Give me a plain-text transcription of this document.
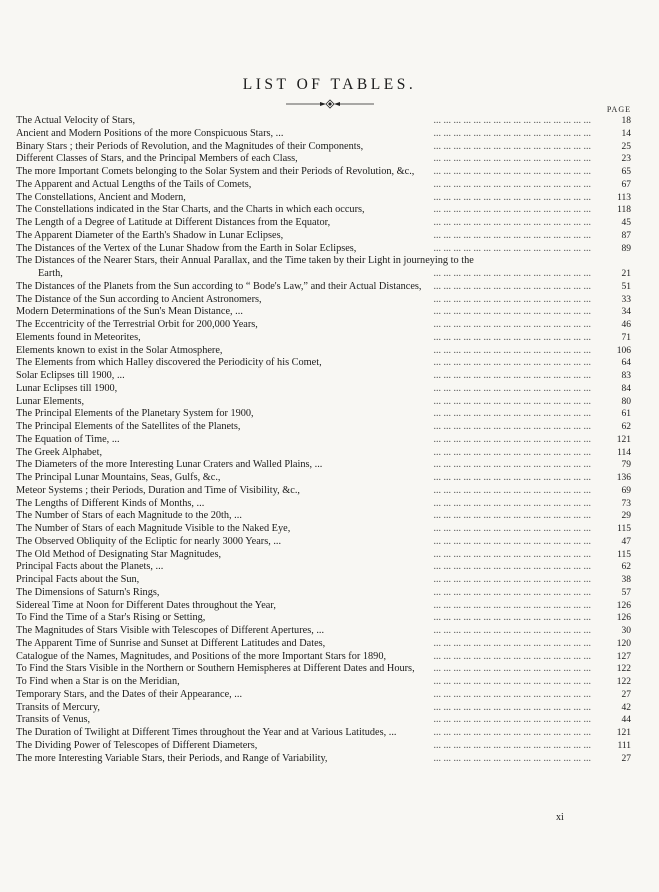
LIST OF TABLES.
PAGE
The Actual Velocity of Stars,	... ... ... ... ... ... ... ... ... ... ... ... ... ... ... ...	18
Ancient and Modern Positions of the more Conspicuous Stars, ...	... ... ... ... ... ... ... ... ... ... ... ... ... ... ... ...	14
Binary Stars ; their Periods of Revolution, and the Magnitudes of their Components,	... ... ... ... ... ... ... ... ... ... ... ... ... ... ... ...	25
Different Classes of Stars, and the Principal Members of each Class,	... ... ... ... ... ... ... ... ... ... ... ... ... ... ... ...	23
The more Important Comets belonging to the Solar System and their Periods of Revolution, &c.,	... ... ... ... ... ... ... ... ... ... ... ... ... ... ... ...	65
The Apparent and Actual Lengths of the Tails of Comets,	... ... ... ... ... ... ... ... ... ... ... ... ... ... ... ...	67
The Constellations, Ancient and Modern,	... ... ... ... ... ... ... ... ... ... ... ... ... ... ... ...	113
The Constellations indicated in the Star Charts, and the Charts in which each occurs,	... ... ... ... ... ... ... ... ... ... ... ... ... ... ... ...	118
The Length of a Degree of Latitude at Different Distances from the Equator,	... ... ... ... ... ... ... ... ... ... ... ... ... ... ... ...	45
The Apparent Diameter of the Earth's Shadow in Lunar Eclipses,	... ... ... ... ... ... ... ... ... ... ... ... ... ... ... ...	87
The Distances of the Vertex of the Lunar Shadow from the Earth in Solar Eclipses,	... ... ... ... ... ... ... ... ... ... ... ... ... ... ... ...	89
The Distances of the Nearer Stars, their Annual Parallax, and the Time taken by their Light in journeying to the
Earth,	... ... ... ... ... ... ... ... ... ... ... ... ... ... ... ...	21
The Distances of the Planets from the Sun according to “ Bode's Law,” and their Actual Distances,	... ... ... ... ... ... ... ... ... ... ... ... ... ... ... ...	51
The Distance of the Sun according to Ancient Astronomers,	... ... ... ... ... ... ... ... ... ... ... ... ... ... ... ...	33
Modern Determinations of the Sun's Mean Distance, ...	... ... ... ... ... ... ... ... ... ... ... ... ... ... ... ...	34
The Eccentricity of the Terrestrial Orbit for 200,000 Years,	... ... ... ... ... ... ... ... ... ... ... ... ... ... ... ...	46
Elements found in Meteorites,	... ... ... ... ... ... ... ... ... ... ... ... ... ... ... ...	71
Elements known to exist in the Solar Atmosphere,	... ... ... ... ... ... ... ... ... ... ... ... ... ... ... ...	106
The Elements from which Halley discovered the Periodicity of his Comet,	... ... ... ... ... ... ... ... ... ... ... ... ... ... ... ...	64
Solar Eclipses till 1900, ...	... ... ... ... ... ... ... ... ... ... ... ... ... ... ... ...	83
Lunar Eclipses till 1900,	... ... ... ... ... ... ... ... ... ... ... ... ... ... ... ...	84
Lunar Elements,	... ... ... ... ... ... ... ... ... ... ... ... ... ... ... ...	80
The Principal Elements of the Planetary System for 1900,	... ... ... ... ... ... ... ... ... ... ... ... ... ... ... ...	61
The Principal Elements of the Satellites of the Planets,	... ... ... ... ... ... ... ... ... ... ... ... ... ... ... ...	62
The Equation of Time, ...	... ... ... ... ... ... ... ... ... ... ... ... ... ... ... ...	121
The Greek Alphabet,	... ... ... ... ... ... ... ... ... ... ... ... ... ... ... ...	114
The Diameters of the more Interesting Lunar Craters and Walled Plains, ...	... ... ... ... ... ... ... ... ... ... ... ... ... ... ... ...	79
The Principal Lunar Mountains, Seas, Gulfs, &c.,	... ... ... ... ... ... ... ... ... ... ... ... ... ... ... ...	136
Meteor Systems ; their Periods, Duration and Time of Visibility, &c.,	... ... ... ... ... ... ... ... ... ... ... ... ... ... ... ...	69
The Lengths of Different Kinds of Months, ...	... ... ... ... ... ... ... ... ... ... ... ... ... ... ... ...	73
The Number of Stars of each Magnitude to the 20th, ...	... ... ... ... ... ... ... ... ... ... ... ... ... ... ... ...	29
The Number of Stars of each Magnitude Visible to the Naked Eye,	... ... ... ... ... ... ... ... ... ... ... ... ... ... ... ...	115
The Observed Obliquity of the Ecliptic for nearly 3000 Years, ...	... ... ... ... ... ... ... ... ... ... ... ... ... ... ... ...	47
The Old Method of Designating Star Magnitudes,	... ... ... ... ... ... ... ... ... ... ... ... ... ... ... ...	115
Principal Facts about the Planets, ...	... ... ... ... ... ... ... ... ... ... ... ... ... ... ... ...	62
Principal Facts about the Sun,	... ... ... ... ... ... ... ... ... ... ... ... ... ... ... ...	38
The Dimensions of Saturn's Rings,	... ... ... ... ... ... ... ... ... ... ... ... ... ... ... ...	57
Sidereal Time at Noon for Different Dates throughout the Year,	... ... ... ... ... ... ... ... ... ... ... ... ... ... ... ...	126
To Find the Time of a Star's Rising or Setting,	... ... ... ... ... ... ... ... ... ... ... ... ... ... ... ...	126
The Magnitudes of Stars Visible with Telescopes of Different Apertures, ...	... ... ... ... ... ... ... ... ... ... ... ... ... ... ... ...	30
The Apparent Time of Sunrise and Sunset at Different Latitudes and Dates,	... ... ... ... ... ... ... ... ... ... ... ... ... ... ... ...	120
Catalogue of the Names, Magnitudes, and Positions of the more Important Stars for 1890,	... ... ... ... ... ... ... ... ... ... ... ... ... ... ... ...	127
To Find the Stars Visible in the Northern or Southern Hemispheres at Different Dates and Hours,	... ... ... ... ... ... ... ... ... ... ... ... ... ... ... ...	122
To Find when a Star is on the Meridian,	... ... ... ... ... ... ... ... ... ... ... ... ... ... ... ...	122
Temporary Stars, and the Dates of their Appearance, ...	... ... ... ... ... ... ... ... ... ... ... ... ... ... ... ...	27
Transits of Mercury,	... ... ... ... ... ... ... ... ... ... ... ... ... ... ... ...	42
Transits of Venus,	... ... ... ... ... ... ... ... ... ... ... ... ... ... ... ...	44
The Duration of Twilight at Different Times throughout the Year and at Various Latitudes, ...	... ... ... ... ... ... ... ... ... ... ... ... ... ... ... ...	121
The Dividing Power of Telescopes of Different Diameters,	... ... ... ... ... ... ... ... ... ... ... ... ... ... ... ...	111
The more Interesting Variable Stars, their Periods, and Range of Variability,	... ... ... ... ... ... ... ... ... ... ... ... ... ... ... ...	27
xi
